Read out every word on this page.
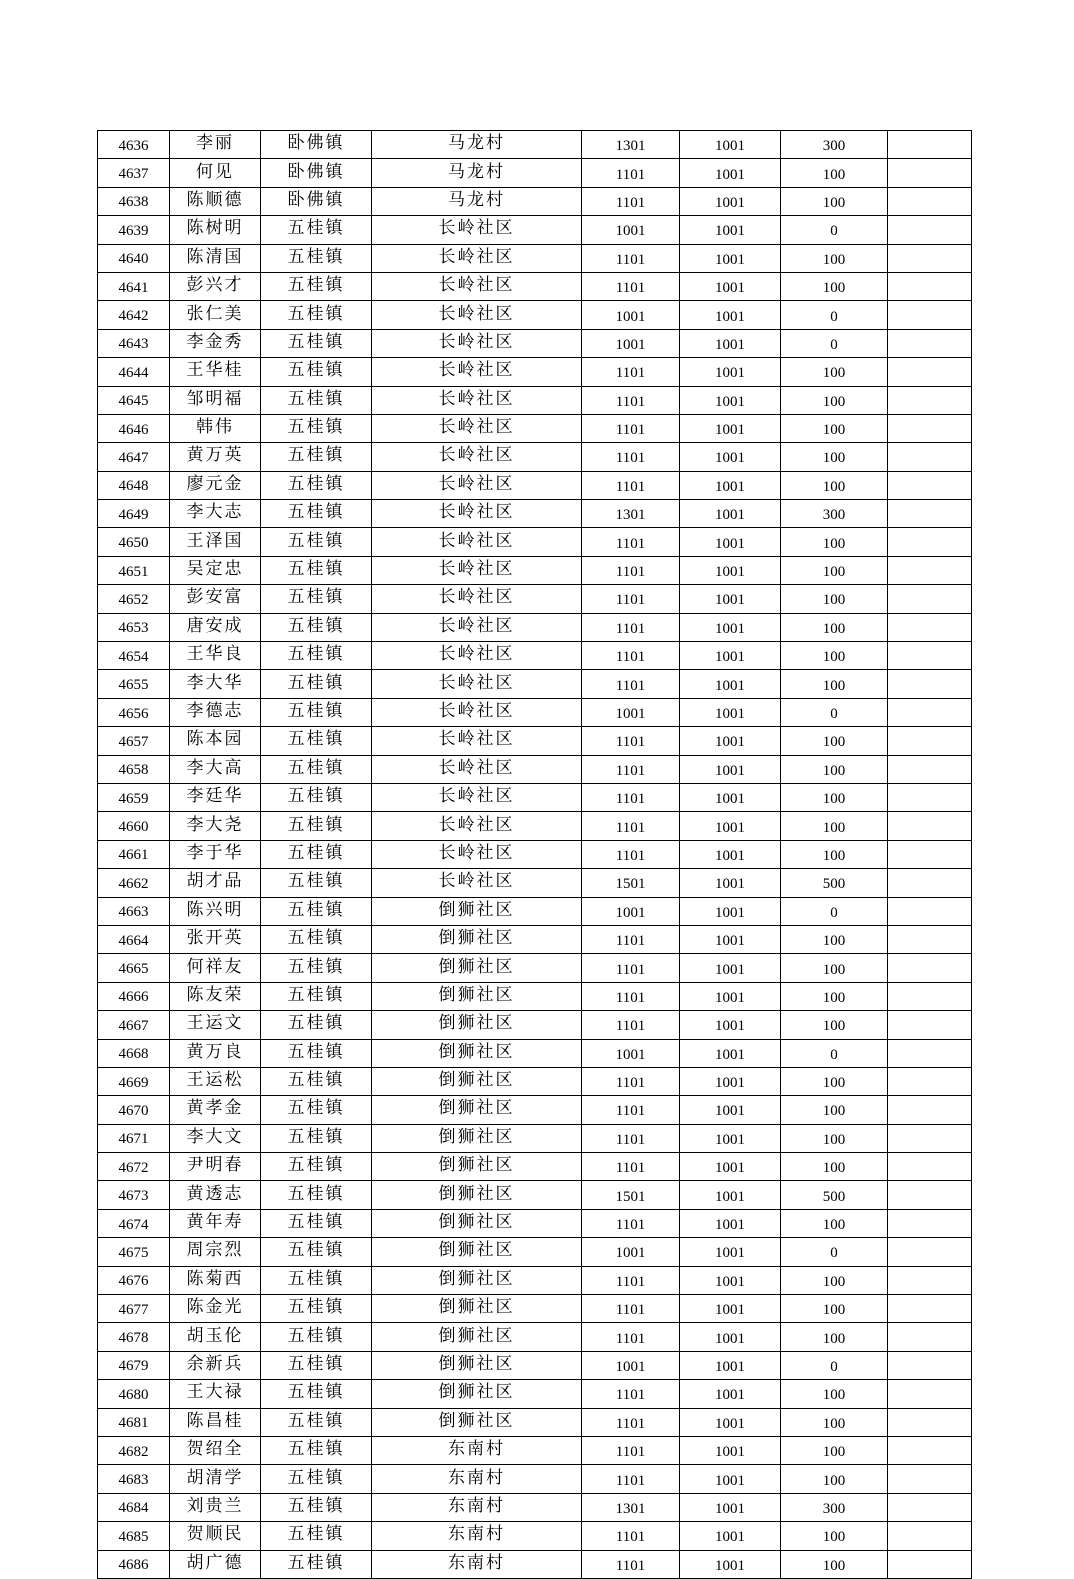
4636	李丽	卧佛镇	马龙村	1301	1001	300	
4637	何见	卧佛镇	马龙村	1101	1001	100	
4638	陈顺德	卧佛镇	马龙村	1101	1001	100	
4639	陈树明	五桂镇	长岭社区	1001	1001	0	
4640	陈清国	五桂镇	长岭社区	1101	1001	100	
4641	彭兴才	五桂镇	长岭社区	1101	1001	100	
4642	张仁美	五桂镇	长岭社区	1001	1001	0	
4643	李金秀	五桂镇	长岭社区	1001	1001	0	
4644	王华桂	五桂镇	长岭社区	1101	1001	100	
4645	邹明福	五桂镇	长岭社区	1101	1001	100	
4646	韩伟	五桂镇	长岭社区	1101	1001	100	
4647	黄万英	五桂镇	长岭社区	1101	1001	100	
4648	廖元金	五桂镇	长岭社区	1101	1001	100	
4649	李大志	五桂镇	长岭社区	1301	1001	300	
4650	王泽国	五桂镇	长岭社区	1101	1001	100	
4651	吴定忠	五桂镇	长岭社区	1101	1001	100	
4652	彭安富	五桂镇	长岭社区	1101	1001	100	
4653	唐安成	五桂镇	长岭社区	1101	1001	100	
4654	王华良	五桂镇	长岭社区	1101	1001	100	
4655	李大华	五桂镇	长岭社区	1101	1001	100	
4656	李德志	五桂镇	长岭社区	1001	1001	0	
4657	陈本园	五桂镇	长岭社区	1101	1001	100	
4658	李大高	五桂镇	长岭社区	1101	1001	100	
4659	李廷华	五桂镇	长岭社区	1101	1001	100	
4660	李大尧	五桂镇	长岭社区	1101	1001	100	
4661	李于华	五桂镇	长岭社区	1101	1001	100	
4662	胡才品	五桂镇	长岭社区	1501	1001	500	
4663	陈兴明	五桂镇	倒狮社区	1001	1001	0	
4664	张开英	五桂镇	倒狮社区	1101	1001	100	
4665	何祥友	五桂镇	倒狮社区	1101	1001	100	
4666	陈友荣	五桂镇	倒狮社区	1101	1001	100	
4667	王运文	五桂镇	倒狮社区	1101	1001	100	
4668	黄万良	五桂镇	倒狮社区	1001	1001	0	
4669	王运松	五桂镇	倒狮社区	1101	1001	100	
4670	黄孝金	五桂镇	倒狮社区	1101	1001	100	
4671	李大文	五桂镇	倒狮社区	1101	1001	100	
4672	尹明春	五桂镇	倒狮社区	1101	1001	100	
4673	黄透志	五桂镇	倒狮社区	1501	1001	500	
4674	黄年寿	五桂镇	倒狮社区	1101	1001	100	
4675	周宗烈	五桂镇	倒狮社区	1001	1001	0	
4676	陈菊西	五桂镇	倒狮社区	1101	1001	100	
4677	陈金光	五桂镇	倒狮社区	1101	1001	100	
4678	胡玉伦	五桂镇	倒狮社区	1101	1001	100	
4679	余新兵	五桂镇	倒狮社区	1001	1001	0	
4680	王大禄	五桂镇	倒狮社区	1101	1001	100	
4681	陈昌桂	五桂镇	倒狮社区	1101	1001	100	
4682	贺绍全	五桂镇	东南村	1101	1001	100	
4683	胡清学	五桂镇	东南村	1101	1001	100	
4684	刘贵兰	五桂镇	东南村	1301	1001	300	
4685	贺顺民	五桂镇	东南村	1101	1001	100	
4686	胡广德	五桂镇	东南村	1101	1001	100	
